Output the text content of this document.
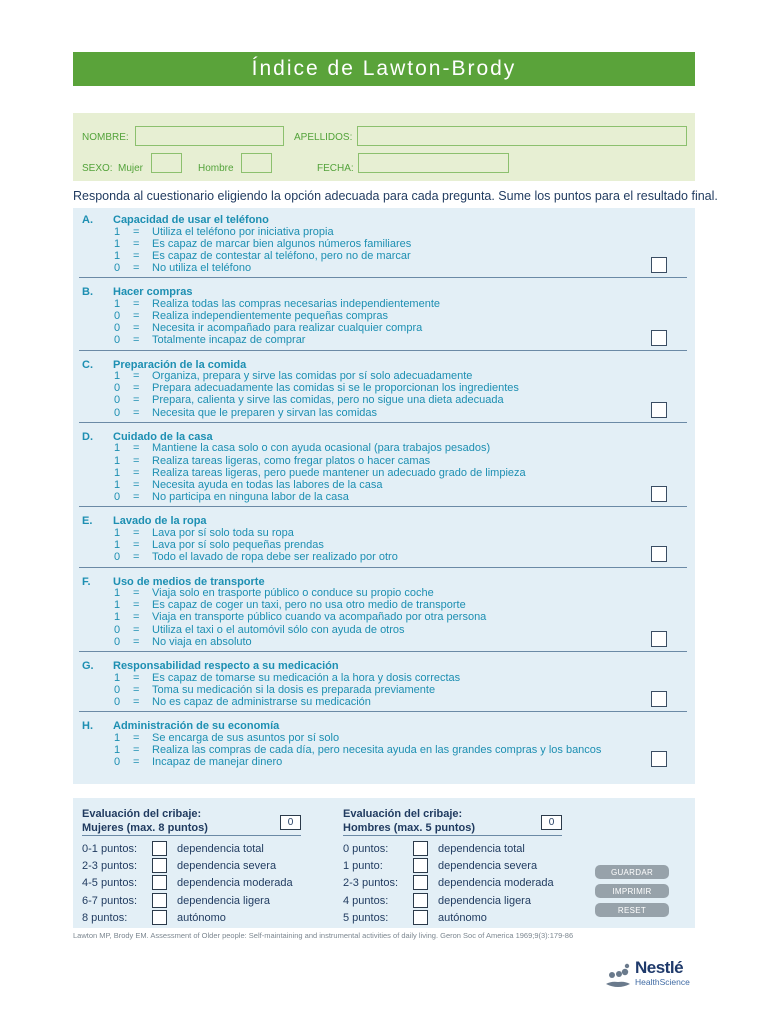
Índice de Lawton-Brody
NOMBRE:	APELLIDOS:
SEXO: Mujer	Hombre	FECHA:
Responda al cuestionario eligiendo la opción adecuada para cada pregunta. Sume los puntos para el resultado final.
A. Capacidad de usar el teléfono
1 = Utiliza el teléfono por iniciativa propia
1 = Es capaz de marcar bien algunos números familiares
1 = Es capaz de contestar al teléfono, pero no de marcar
0 = No utiliza el teléfono
B. Hacer compras
1 = Realiza todas las compras necesarias independientemente
0 = Realiza independientemente pequeñas compras
0 = Necesita ir acompañado para realizar cualquier compra
0 = Totalmente incapaz de comprar
C. Preparación de la comida
1 = Organiza, prepara y sirve las comidas por sí solo adecuadamente
0 = Prepara adecuadamente las comidas si se le proporcionan los ingredientes
0 = Prepara, calienta y sirve las comidas, pero no sigue una dieta adecuada
0 = Necesita que le preparen y sirvan las comidas
D. Cuidado de la casa
1 = Mantiene la casa solo o con ayuda ocasional (para trabajos pesados)
1 = Realiza tareas ligeras, como fregar platos o hacer camas
1 = Realiza tareas ligeras, pero puede mantener un adecuado grado de limpieza
1 = Necesita ayuda en todas las labores de la casa
0 = No participa en ninguna labor de la casa
E. Lavado de la ropa
1 = Lava por sí solo toda su ropa
1 = Lava por sí solo pequeñas prendas
0 = Todo el lavado de ropa debe ser realizado por otro
F. Uso de medios de transporte
1 = Viaja solo en trasporte público o conduce su propio coche
1 = Es capaz de coger un taxi, pero no usa otro medio de transporte
1 = Viaja en transporte público cuando va acompañado por otra persona
0 = Utiliza el taxi o el automóvil sólo con ayuda de otros
0 = No viaja en absoluto
G. Responsabilidad respecto a su medicación
1 = Es capaz de tomarse su medicación a la hora y dosis correctas
0 = Toma su medicación si la dosis es preparada previamente
0 = No es capaz de administrarse su medicación
H. Administración de su economía
1 = Se encarga de sus asuntos por sí solo
1 = Realiza las compras de cada día, pero necesita ayuda en las grandes compras y los bancos
0 = Incapaz de manejar dinero
Evaluación del cribaje:
Mujeres (max. 8 puntos)	0
0-1 puntos:	dependencia total
2-3 puntos:	dependencia severa
4-5 puntos:	dependencia moderada
6-7 puntos:	dependencia ligera
8 puntos:	autónomo
Evaluación del cribaje:
Hombres (max. 5 puntos)	0
0 puntos:	dependencia total
1 punto:	dependencia severa
2-3 puntos:	dependencia moderada
4 puntos:	dependencia ligera
5 puntos:	autónomo
GUARDAR
IMPRIMIR
RESET
Lawton MP, Brody EM. Assessment of Older people: Self-maintaining and instrumental activities of daily living. Geron Soc of America 1969;9(3):179-86
Nestlé
HealthScience
